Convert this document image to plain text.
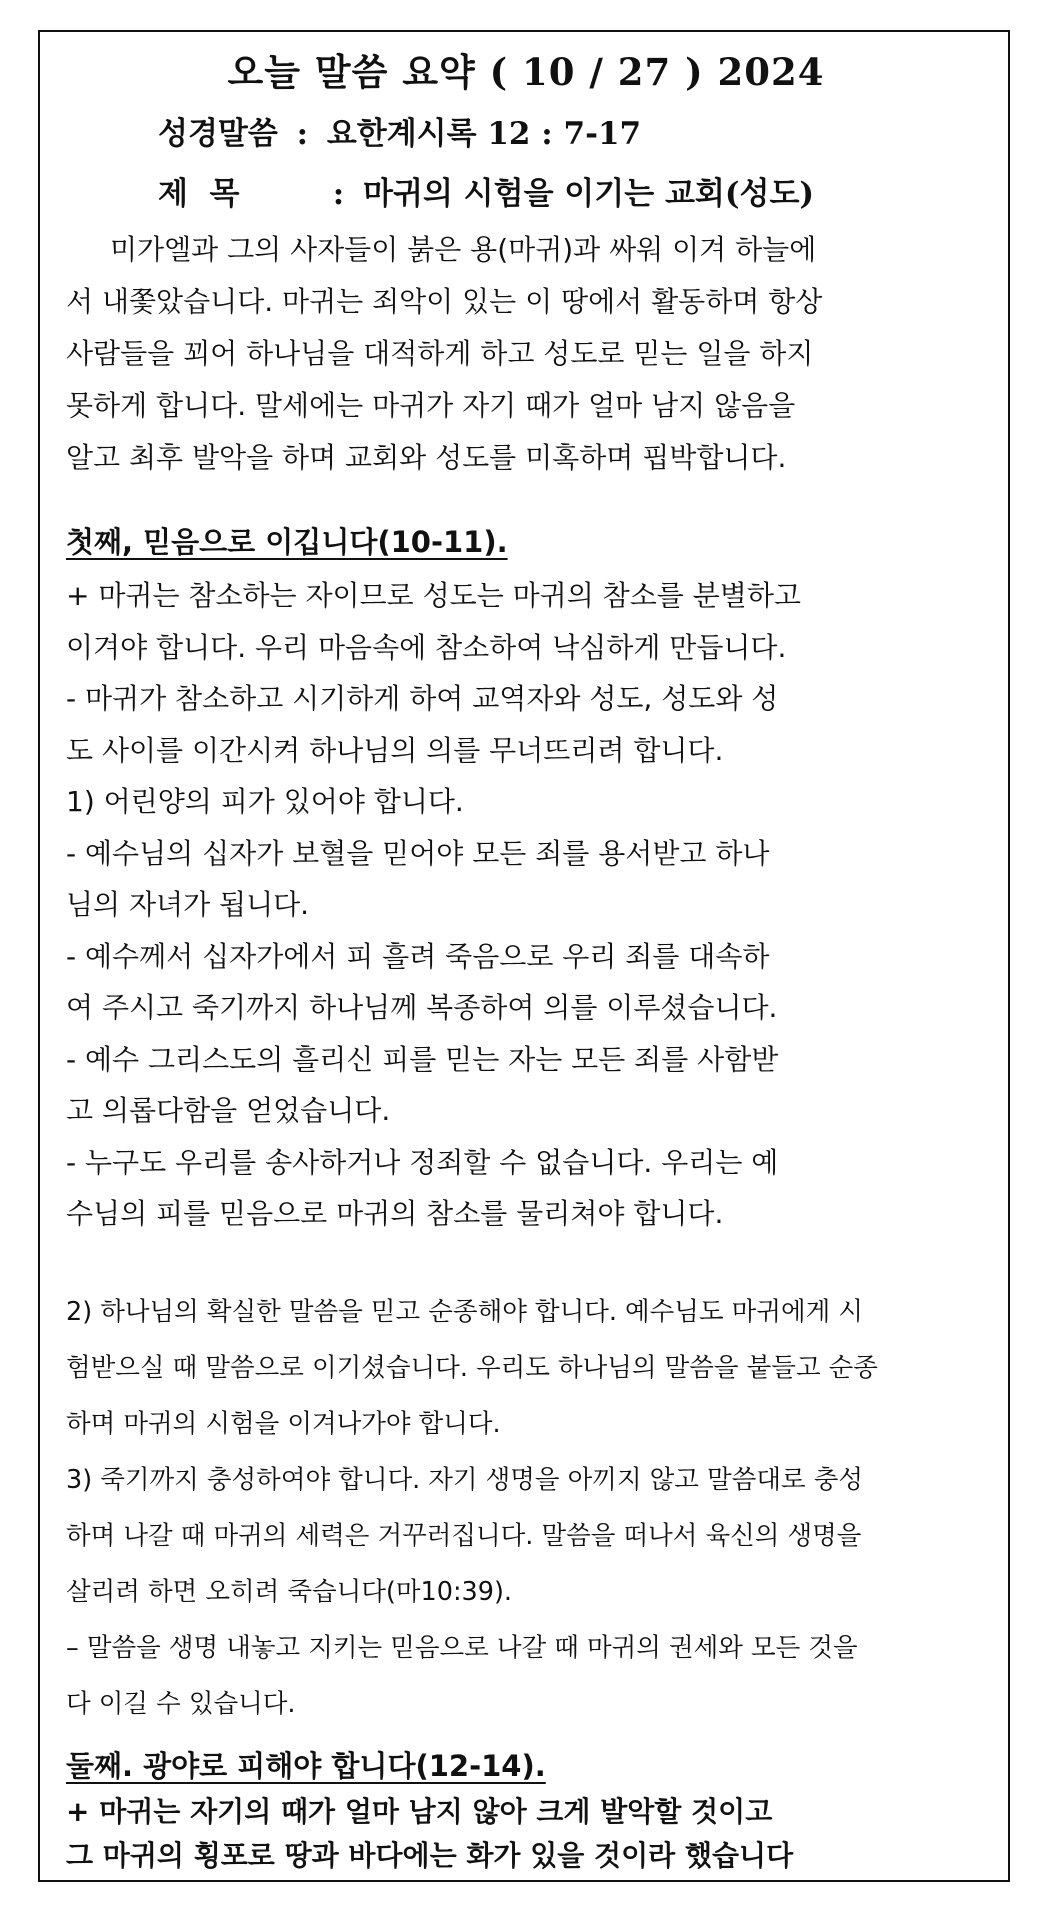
오늘 말씀 요약 ( 10 / 27 ) 2024
성경말씀 : 요한계시록 12 : 7-17
제  목	: 마귀의 시험을 이기는 교회(성도)
미가엘과 그의 사자들이 붉은 용(마귀)과 싸워 이겨 하늘에
서 내쫓았습니다. 마귀는 죄악이 있는 이 땅에서 활동하며 항상
사람들을 꾀어 하나님을 대적하게 하고 성도로 믿는 일을 하지
못하게 합니다. 말세에는 마귀가 자기 때가 얼마 남지 않음을
알고 최후 발악을 하며 교회와 성도를 미혹하며 핍박합니다.
첫째, 믿음으로 이깁니다(10-11).
+ 마귀는 참소하는 자이므로 성도는 마귀의 참소를 분별하고
이겨야 합니다. 우리 마음속에 참소하여 낙심하게 만듭니다.
- 마귀가 참소하고 시기하게 하여 교역자와 성도, 성도와 성
도 사이를 이간시켜 하나님의 의를 무너뜨리려 합니다.
1) 어린양의 피가 있어야 합니다.
- 예수님의 십자가 보혈을 믿어야 모든 죄를 용서받고 하나
님의 자녀가 됩니다.
- 예수께서 십자가에서 피 흘려 죽음으로 우리 죄를 대속하
여 주시고 죽기까지 하나님께 복종하여 의를 이루셨습니다.
- 예수 그리스도의 흘리신 피를 믿는 자는 모든 죄를 사함받
고 의롭다함을 얻었습니다.
- 누구도 우리를 송사하거나 정죄할 수 없습니다. 우리는 예
수님의 피를 믿음으로 마귀의 참소를 물리쳐야 합니다.
2) 하나님의 확실한 말씀을 믿고 순종해야 합니다. 예수님도 마귀에게 시
험받으실 때 말씀으로 이기셨습니다. 우리도 하나님의 말씀을 붙들고 순종
하며 마귀의 시험을 이겨나가야 합니다.
3) 죽기까지 충성하여야 합니다. 자기 생명을 아끼지 않고 말씀대로 충성
하며 나갈 때 마귀의 세력은 거꾸러집니다. 말씀을 떠나서 육신의 생명을
살리려 하면 오히려 죽습니다(마10:39).
– 말씀을 생명 내놓고 지키는 믿음으로 나갈 때 마귀의 권세와 모든 것을
다 이길 수 있습니다.
둘째. 광야로 피해야 합니다(12-14).
+ 마귀는 자기의 때가 얼마 남지 않아 크게 발악할 것이고
그 마귀의 횡포로 땅과 바다에는 화가 있을 것이라 했습니다
